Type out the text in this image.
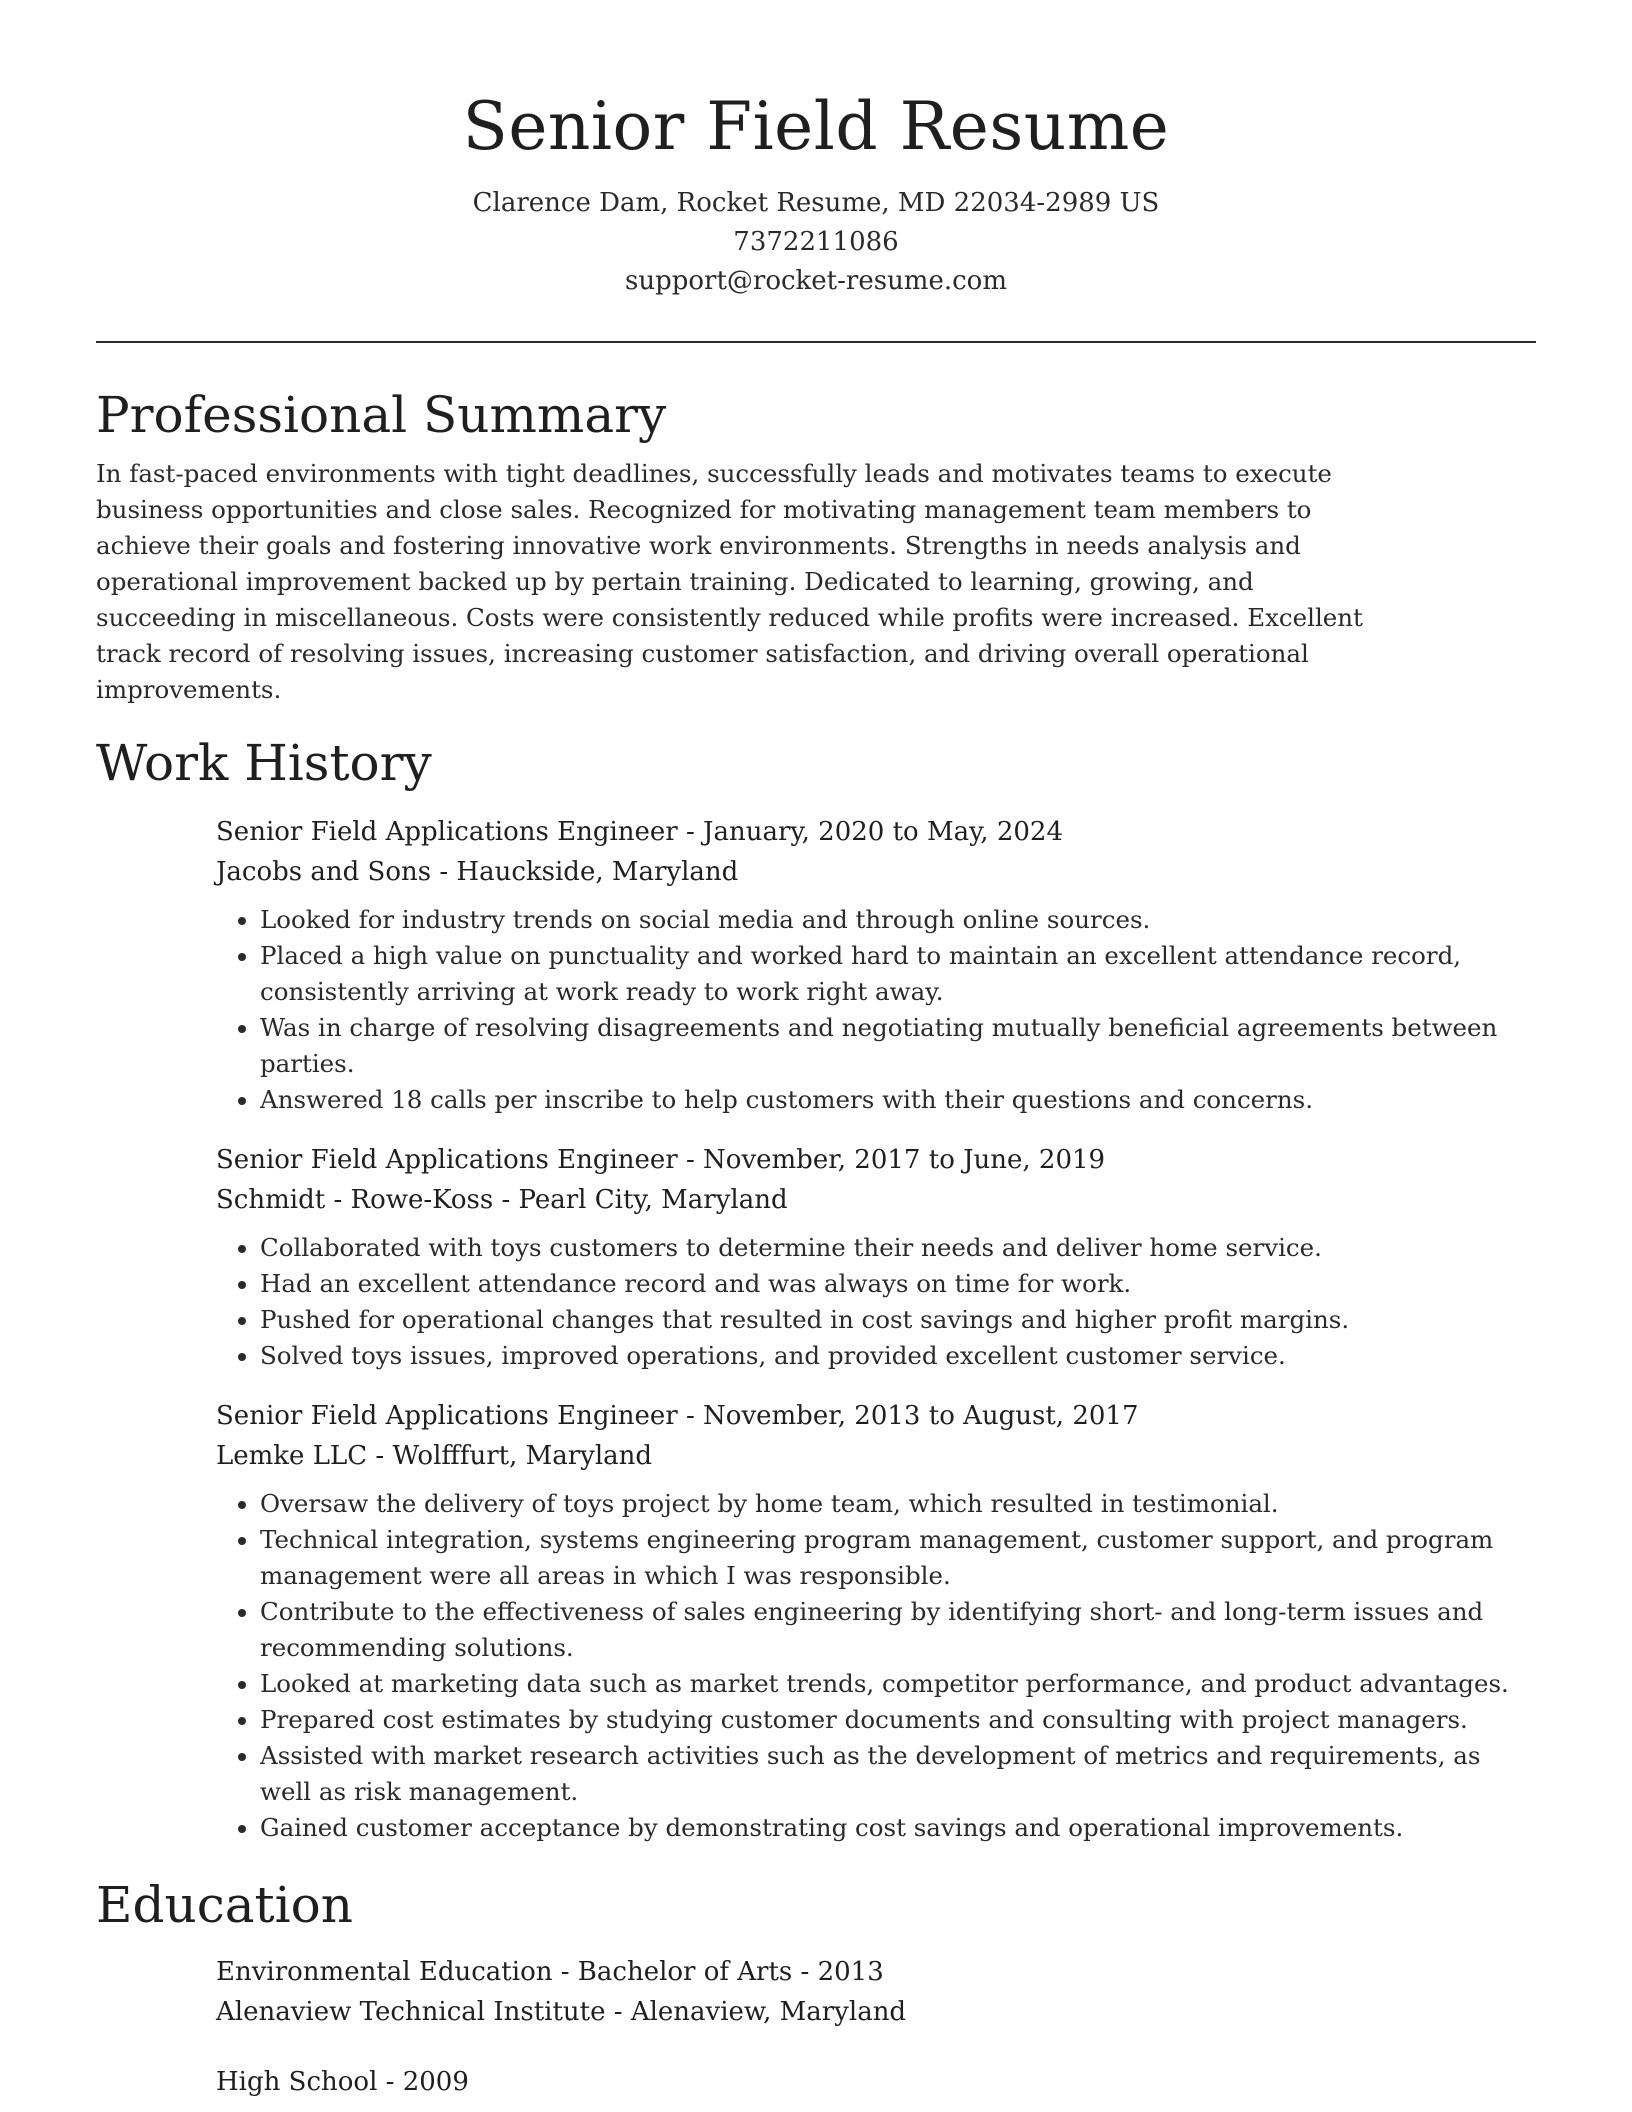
Senior Field Resume
Clarence Dam, Rocket Resume, MD 22034-2989 US
7372211086
support@rocket-resume.com
Professional Summary

In fast-paced environments with tight deadlines, successfully leads and motivates teams to execute business opportunities and close sales. Recognized for motivating management team members to achieve their goals and fostering innovative work environments. Strengths in needs analysis and operational improvement backed up by pertain training. Dedicated to learning, growing, and succeeding in miscellaneous. Costs were consistently reduced while profits were increased. Excellent track record of resolving issues, increasing customer satisfaction, and driving overall operational improvements.

Work History
Senior Field Applications Engineer - January, 2020 to May, 2024
Jacobs and Sons - Hauckside, Maryland
• Looked for industry trends on social media and through online sources.
• Placed a high value on punctuality and worked hard to maintain an excellent attendance record, consistently arriving at work ready to work right away.
• Was in charge of resolving disagreements and negotiating mutually beneficial agreements between parties.
• Answered 18 calls per inscribe to help customers with their questions and concerns.
Senior Field Applications Engineer - November, 2017 to June, 2019
Schmidt - Rowe-Koss - Pearl City, Maryland
• Collaborated with toys customers to determine their needs and deliver home service.
• Had an excellent attendance record and was always on time for work.
• Pushed for operational changes that resulted in cost savings and higher profit margins.
• Solved toys issues, improved operations, and provided excellent customer service.
Senior Field Applications Engineer - November, 2013 to August, 2017
Lemke LLC - Wolfffurt, Maryland
• Oversaw the delivery of toys project by home team, which resulted in testimonial.
• Technical integration, systems engineering program management, customer support, and program management were all areas in which I was responsible.
• Contribute to the effectiveness of sales engineering by identifying short- and long-term issues and recommending solutions.
• Looked at marketing data such as market trends, competitor performance, and product advantages.
• Prepared cost estimates by studying customer documents and consulting with project managers.
• Assisted with market research activities such as the development of metrics and requirements, as well as risk management.
• Gained customer acceptance by demonstrating cost savings and operational improvements.
Education
Environmental Education - Bachelor of Arts - 2013
Alenaview Technical Institute - Alenaview, Maryland
High School - 2009
